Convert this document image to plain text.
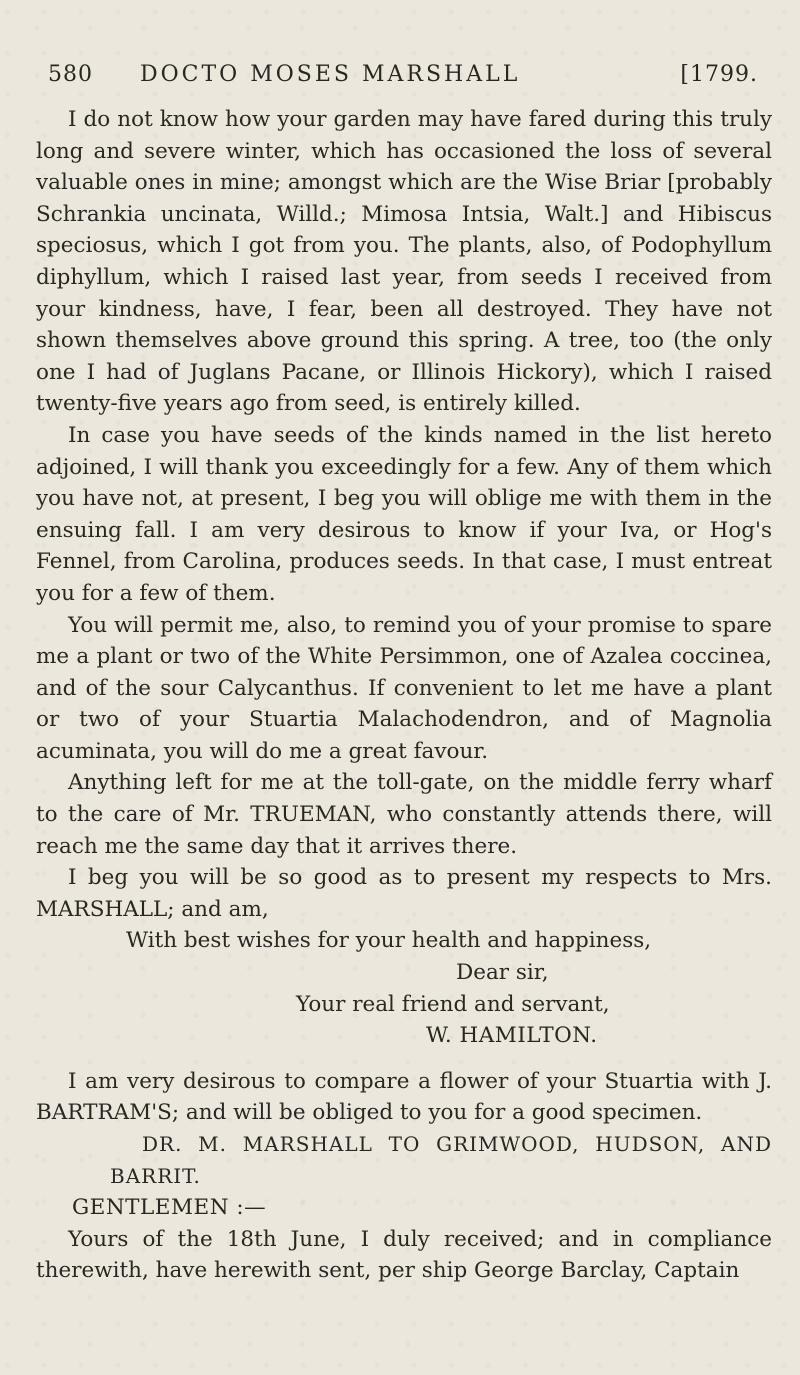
580 DOCTO MOSES MARSHALL	[1799.

I do not know how your garden may have fared during this truly long and severe winter, which has occasioned the loss of several valuable ones in mine; amongst which are the Wise Briar [probably Schrankia uncinata, Willd.; Mimosa Intsia, Walt.] and Hibiscus speciosus, which I got from you. The plants, also, of Podophyllum diphyllum, which I raised last year, from seeds I received from your kindness, have, I fear, been all destroyed. They have not shown themselves above ground this spring. A tree, too (the only one I had of Juglans Pacane, or Illinois Hickory), which I raised twenty-five years ago from seed, is entirely killed.

In case you have seeds of the kinds named in the list hereto adjoined, I will thank you exceedingly for a few. Any of them which you have not, at present, I beg you will oblige me with them in the ensuing fall. I am very desirous to know if your Iva, or Hog's Fennel, from Carolina, produces seeds. In that case, I must entreat you for a few of them.

You will permit me, also, to remind you of your promise to spare me a plant or two of the White Persimmon, one of Azalea coccinea, and of the sour Calycanthus. If convenient to let me have a plant or two of your Stuartia Malachodendron, and of Magnolia acuminata, you will do me a great favour.

Anything left for me at the toll-gate, on the middle ferry wharf to the care of Mr. TRUEMAN, who constantly attends there, will reach me the same day that it arrives there.

I beg you will be so good as to present my respects to Mrs. MARSHALL; and am,

With best wishes for your health and happiness,
Dear sir,
Your real friend and servant,
W. HAMILTON.

I am very desirous to compare a flower of your Stuartia with J. BARTRAM'S; and will be obliged to you for a good specimen.

DR. M. MARSHALL TO GRIMWOOD, HUDSON, AND BARRIT.

GENTLEMEN :—

Yours of the 18th June, I duly received; and in compliance therewith, have herewith sent, per ship George Barclay, Captain
